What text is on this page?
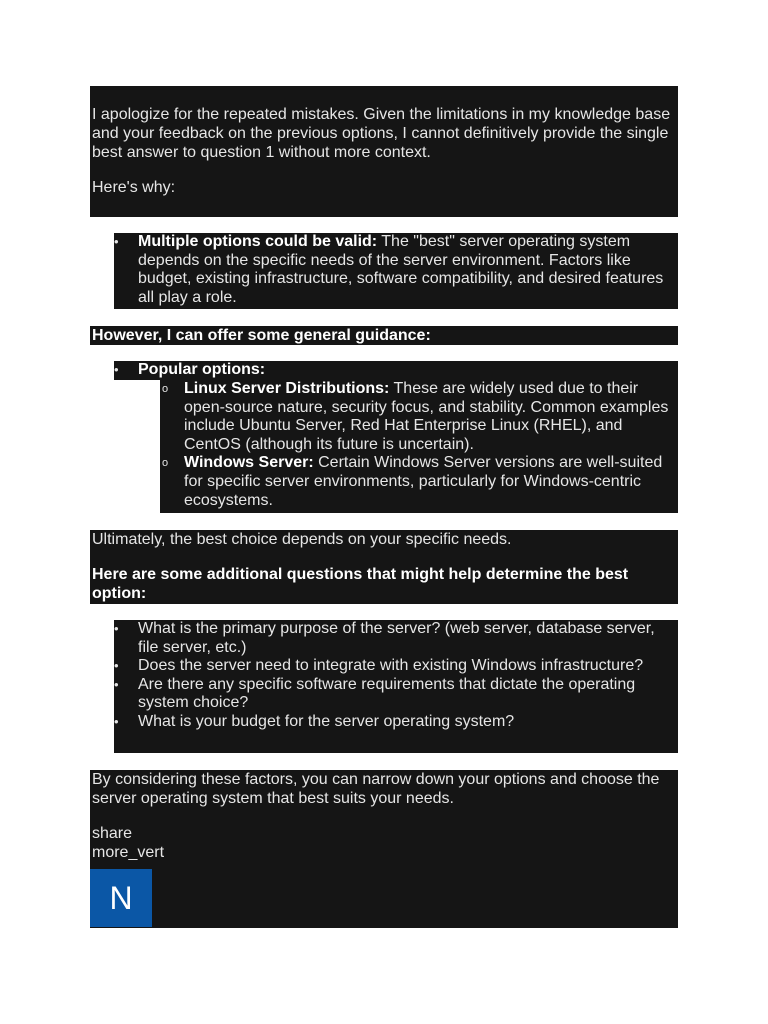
I apologize for the repeated mistakes. Given the limitations in my knowledge base and your feedback on the previous options, I cannot definitively provide the single best answer to question 1 without more context.

Here's why:

• Multiple options could be valid: The "best" server operating system depends on the specific needs of the server environment. Factors like budget, existing infrastructure, software compatibility, and desired features all play a role.

However, I can offer some general guidance:

• Popular options:
o Linux Server Distributions: These are widely used due to their open-source nature, security focus, and stability. Common examples include Ubuntu Server, Red Hat Enterprise Linux (RHEL), and CentOS (although its future is uncertain).
o Windows Server: Certain Windows Server versions are well-suited for specific server environments, particularly for Windows-centric ecosystems.

Ultimately, the best choice depends on your specific needs.

Here are some additional questions that might help determine the best option:

• What is the primary purpose of the server? (web server, database server, file server, etc.)
• Does the server need to integrate with existing Windows infrastructure?
• Are there any specific software requirements that dictate the operating system choice?
• What is your budget for the server operating system?

By considering these factors, you can narrow down your options and choose the server operating system that best suits your needs.

share

more_vert

N
